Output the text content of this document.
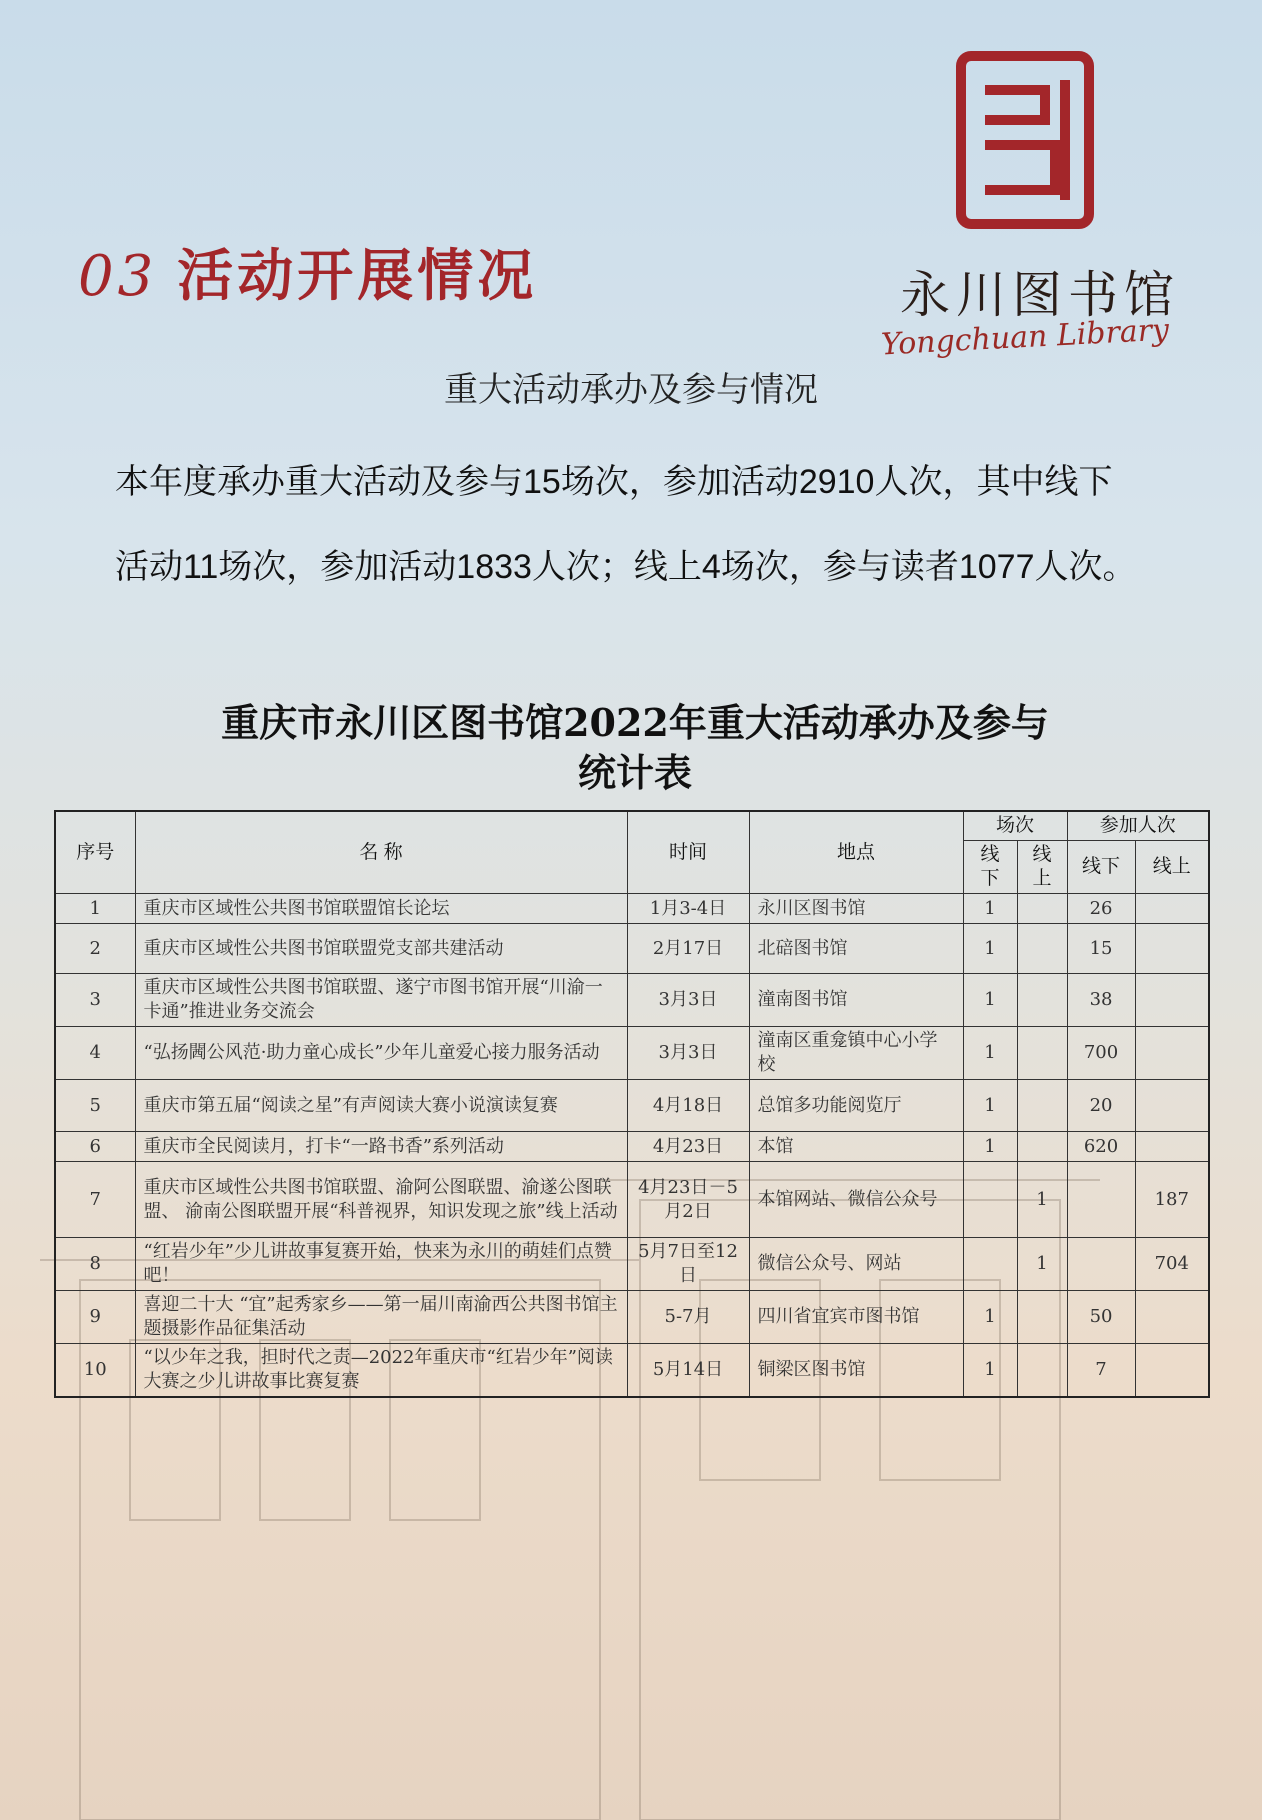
永川图书馆
Yongchuan Library
03 活动开展情况
重大活动承办及参与情况
本年度承办重大活动及参与15场次，参加活动2910人次，其中线下活动11场次，参加活动1833人次；线上4场次，参与读者1077人次。
重庆市永川区图书馆2022年重大活动承办及参与
统计表
序号	名 称	时间	地点	场次		参加人次	
				线下	线上	线下	线上
1	重庆市区域性公共图书馆联盟馆长论坛	1月3-4日	永川区图书馆	1		26	
2	重庆市区域性公共图书馆联盟党支部共建活动	2月17日	北碚图书馆	1		15	
3	重庆市区域性公共图书馆联盟、遂宁市图书馆开展“川渝一卡通”推进业务交流会	3月3日	潼南图书馆	1		38	
4	“弘扬閪公风范·助力童心成长”少年儿童爱心接力服务活动	3月3日	潼南区重龛镇中心小学校	1		700	
5	重庆市第五届“阅读之星”有声阅读大赛小说演读复赛	4月18日	总馆多功能阅览厅	1		20	
6	重庆市全民阅读月，打卡“一路书香”系列活动	4月23日	本馆	1		620	
7	重庆市区域性公共图书馆联盟、渝阿公图联盟、渝遂公图联盟、 渝南公图联盟开展“科普视界，知识发现之旅”线上活动	4月23日－5月2日	本馆网站、微信公众号		1		187
8	“红岩少年”少儿讲故事复赛开始，快来为永川的萌娃们点赞吧！	5月7日至12日	微信公众号、网站		1		704
9	喜迎二十大 “宜”起秀家乡——第一届川南渝西公共图书馆主题摄影作品征集活动	5-7月	四川省宜宾市图书馆	1		50	
10	“以少年之我，担时代之责—2022年重庆市“红岩少年”阅读大赛之少儿讲故事比赛复赛	5月14日	铜梁区图书馆	1		7	
